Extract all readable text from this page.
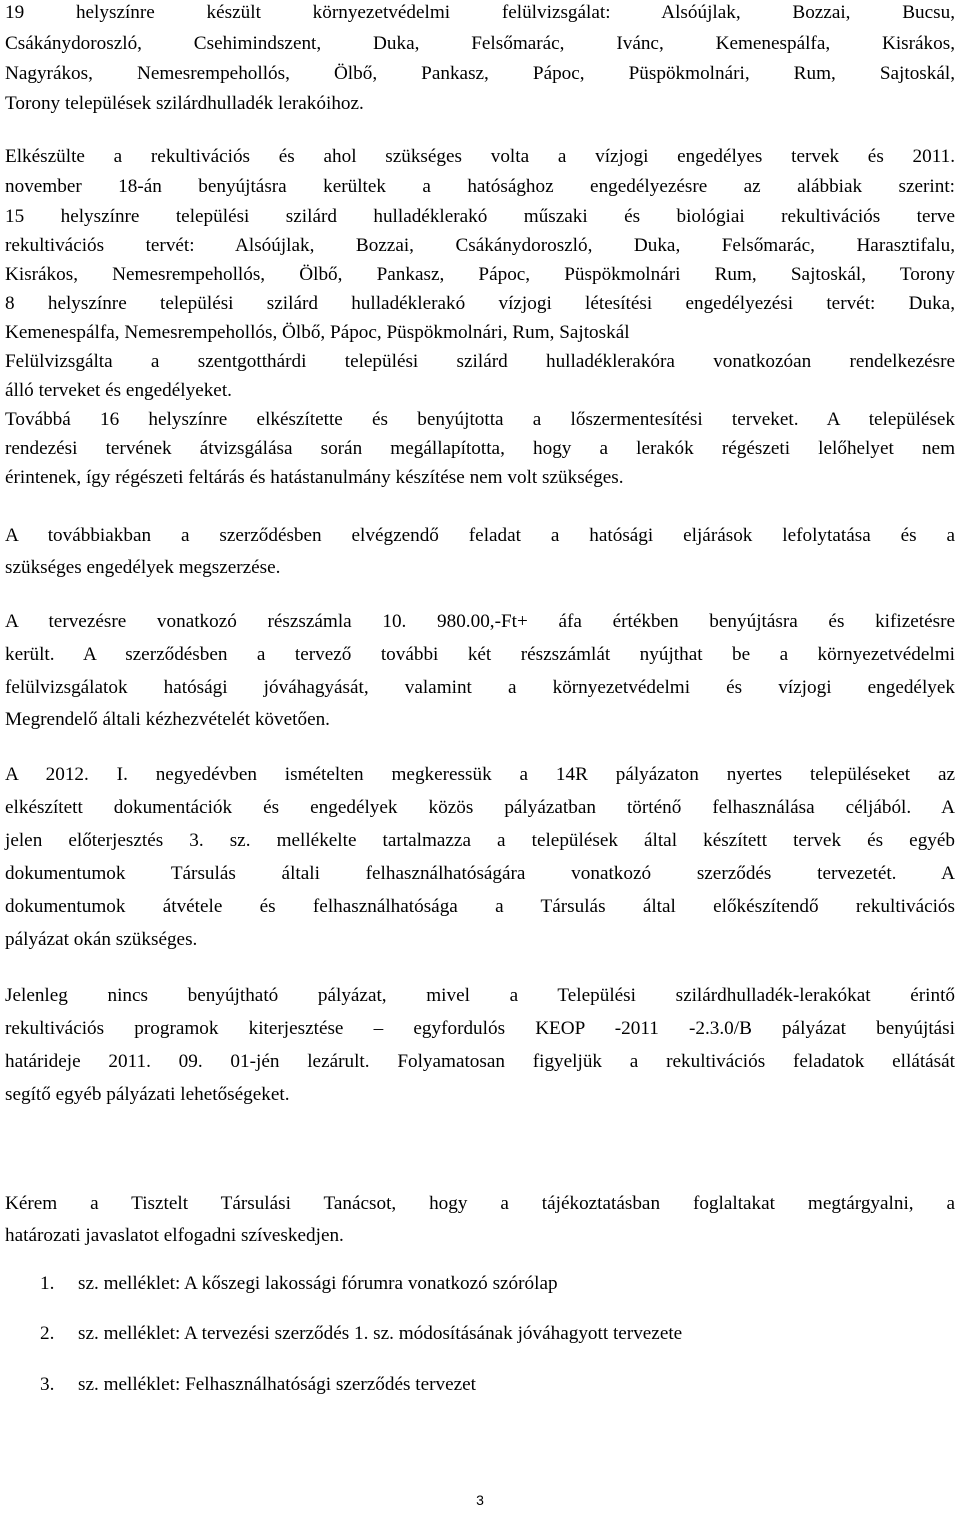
19 helyszínre készült környezetvédelmi felülvizsgálat: Alsóújlak, Bozzai, Bucsu,
Csákánydoroszló, Csehimindszent, Duka, Felsőmarác, Ivánc, Kemenespálfa, Kisrákos,
Nagyrákos, Nemesrempehollós, Ölbő, Pankasz, Pápoc, Püspökmolnári, Rum, Sajtoskál,
Torony települések szilárdhulladék lerakóihoz.
Elkészülte a rekultivációs és ahol szükséges volta a vízjogi engedélyes tervek és 2011.
november 18-án benyújtásra kerültek a hatósághoz engedélyezésre az alábbiak szerint:
15 helyszínre települési szilárd hulladéklerakó műszaki és biológiai rekultivációs terve
rekultivációs tervét: Alsóújlak, Bozzai, Csákánydoroszló, Duka, Felsőmarác, Harasztifalu,
Kisrákos, Nemesrempehollós, Ölbő, Pankasz, Pápoc, Püspökmolnári Rum, Sajtoskál, Torony
8 helyszínre települési szilárd hulladéklerakó vízjogi létesítési engedélyezési tervét: Duka,
Kemenespálfa, Nemesrempehollós, Ölbő, Pápoc, Püspökmolnári, Rum, Sajtoskál
Felülvizsgálta a szentgotthárdi települési szilárd hulladéklerakóra vonatkozóan rendelkezésre
álló terveket és engedélyeket.
Továbbá 16 helyszínre elkészítette és benyújtotta a lőszermentesítési terveket. A települések
rendezési tervének átvizsgálása során megállapította, hogy a lerakók régészeti lelőhelyet nem
érintenek, így régészeti feltárás és hatástanulmány készítése nem volt szükséges.
A továbbiakban a szerződésben elvégzendő feladat a hatósági eljárások lefolytatása és a
szükséges engedélyek megszerzése.
A tervezésre vonatkozó részszámla 10. 980.00,-Ft+ áfa értékben benyújtásra és kifizetésre
került. A szerződésben a tervező további két részszámlát nyújthat be a környezetvédelmi
felülvizsgálatok hatósági jóváhagyását, valamint a környezetvédelmi és vízjogi engedélyek
Megrendelő általi kézhezvételét követően.
A 2012. I. negyedévben ismételten megkeressük a 14R pályázaton nyertes településeket az
elkészített dokumentációk és engedélyek közös pályázatban történő felhasználása céljából. A
jelen előterjesztés 3. sz. mellékelte tartalmazza a települések által készített tervek és egyéb
dokumentumok Társulás általi felhasználhatóságára vonatkozó szerződés tervezetét. A
dokumentumok átvétele és felhasználhatósága a Társulás által előkészítendő rekultivációs
pályázat okán szükséges.
Jelenleg nincs benyújtható pályázat, mivel a Települési szilárdhulladék-lerakókat érintő
rekultivációs programok kiterjesztése – egyfordulós KEOP -2011 -2.3.0/B pályázat benyújtási
határideje 2011. 09. 01-jén lezárult. Folyamatosan figyeljük a rekultivációs feladatok ellátását
segítő egyéb pályázati lehetőségeket.
Kérem a Tisztelt Társulási Tanácsot, hogy a tájékoztatásban foglaltakat megtárgyalni, a
határozati javaslatot elfogadni szíveskedjen.
1. sz. melléklet: A kőszegi lakossági fórumra vonatkozó szórólap
2. sz. melléklet: A tervezési szerződés 1. sz. módosításának jóváhagyott tervezete
3. sz. melléklet: Felhasználhatósági szerződés tervezet
3
